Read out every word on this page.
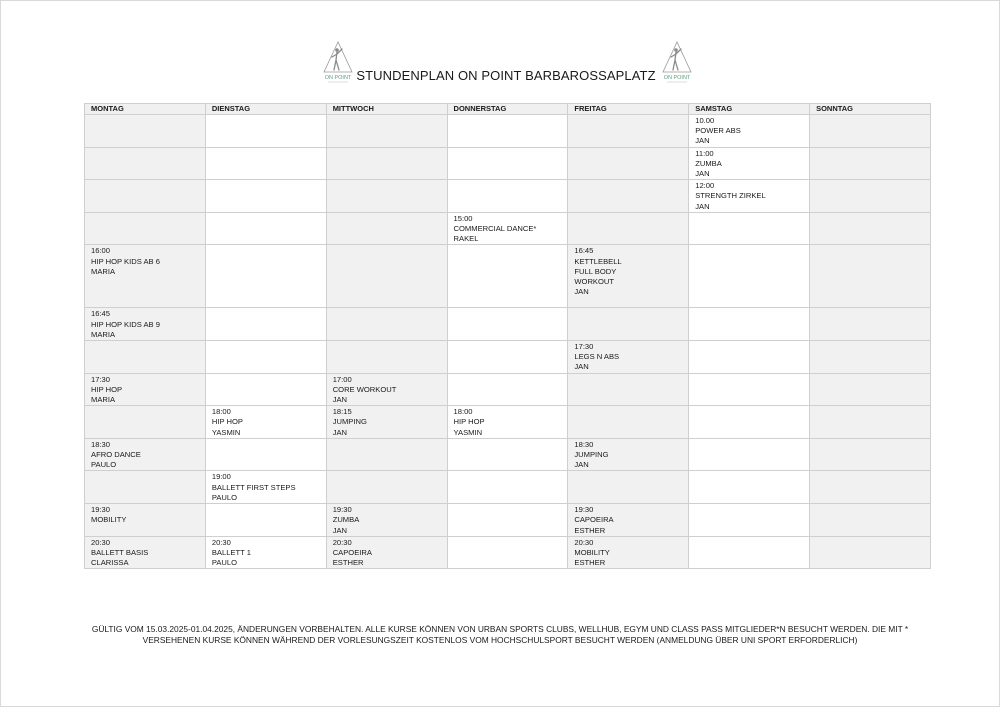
ON POINT STUNDENPLAN ON POINT BARBAROSSAPLATZ ON POINT
MONTAG	DIENSTAG	MITTWOCH	DONNERSTAG	FREITAG	SAMSTAG	SONNTAG

					10.00
POWER ABS
JAN	

					11:00
ZUMBA
JAN	

					12:00
STRENGTH ZIRKEL
JAN	

			15:00
COMMERCIAL DANCE*
RAKEL			

16:00
HIP HOP KIDS AB 6
MARIA				16:45
KETTLEBELL
FULL BODY
WORKOUT
JAN		

16:45
HIP HOP KIDS AB 9
MARIA						

				17:30
LEGS N ABS
JAN		

17:30
HIP HOP
MARIA		17:00
CORE WORKOUT
JAN				

	18:00
HIP HOP
YASMIN	18:15
JUMPING
JAN	18:00
HIP HOP
YASMIN			

18:30
AFRO DANCE
PAULO				18:30
JUMPING
JAN		

	19:00
BALLETT FIRST STEPS
PAULO					

19:30
MOBILITY		19:30
ZUMBA
JAN		19:30
CAPOEIRA
ESTHER		

20:30
BALLETT BASIS
CLARISSA	20:30
BALLETT 1
PAULO	20:30
CAPOEIRA
ESTHER		20:30
MOBILITY
ESTHER		

GÜLTIG VOM 15.03.2025-01.04.2025, ÄNDERUNGEN VORBEHALTEN. ALLE KURSE KÖNNEN VON URBAN SPORTS CLUBS, WELLHUB, EGYM UND CLASS PASS MITGLIEDER*N BESUCHT WERDEN. DIE MIT *
VERSEHENEN KURSE KÖNNEN WÄHREND DER VORLESUNGSZEIT KOSTENLOS VOM HOCHSCHULSPORT BESUCHT WERDEN (ANMELDUNG ÜBER UNI SPORT ERFORDERLICH)
